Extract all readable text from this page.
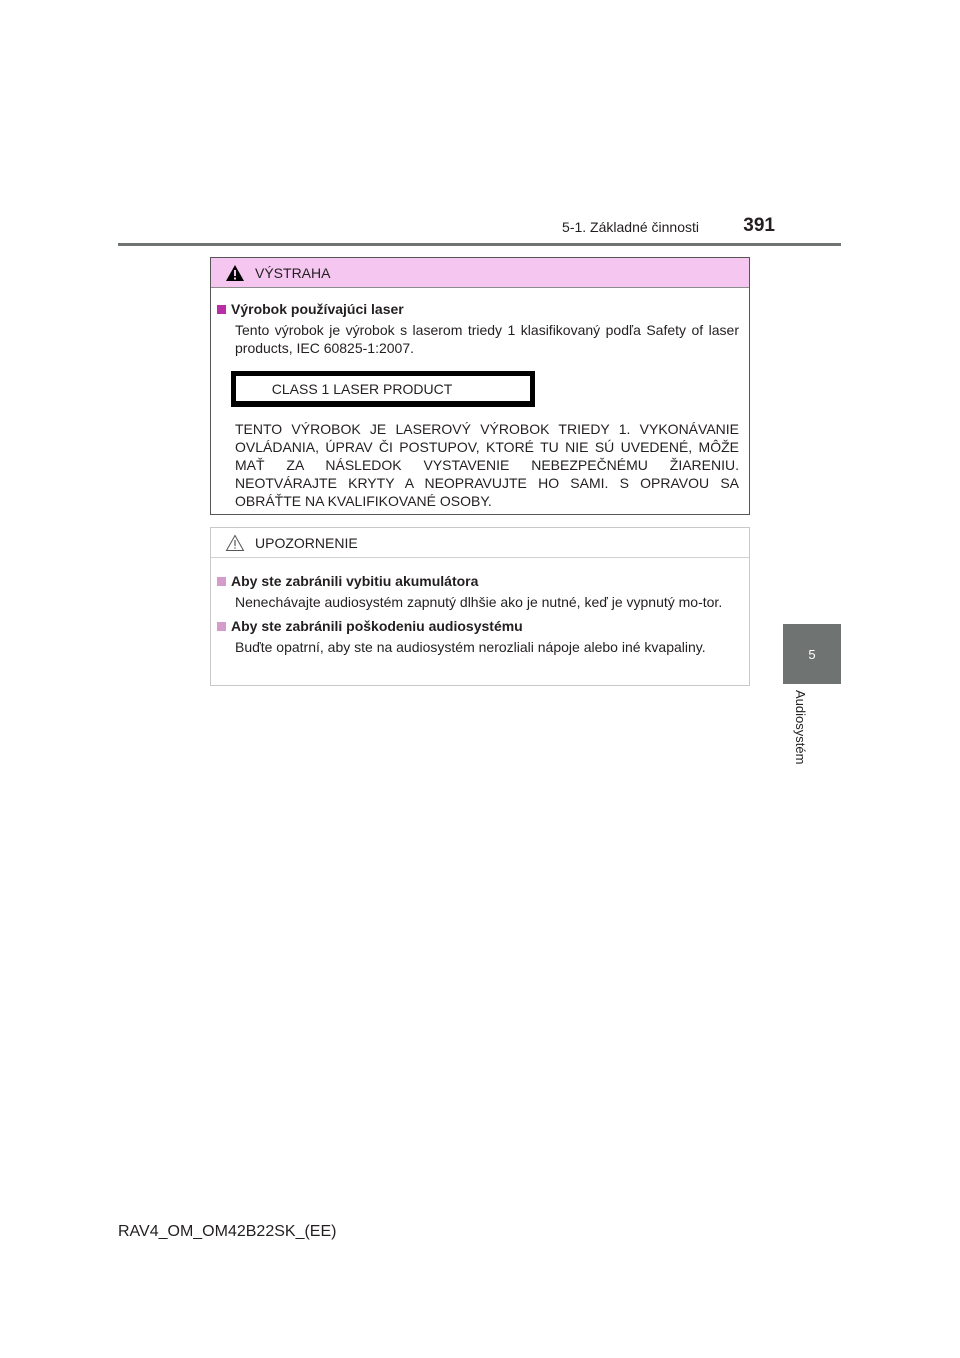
5-1. Základné činnosti	391
5
Audiosystém
VÝSTRAHA
Výrobok používajúci laser
Tento výrobok je výrobok s laserom triedy 1 klasifikovaný podľa Safety of laser products, IEC 60825-1:2007.
CLASS 1 LASER PRODUCT
TENTO VÝROBOK JE LASEROVÝ VÝROBOK TRIEDY 1. VYKONÁVANIE OVLÁDANIA, ÚPRAV ČI POSTUPOV, KTORÉ TU NIE SÚ UVEDENÉ, MÔŽE MAŤ ZA NÁSLEDOK VYSTAVENIE NEBEZPEČNÉMU ŽIARENIU. NEOTVÁRAJTE KRYTY A NEOPRAVUJTE HO SAMI. S OPRAVOU SA OBRÁŤTE NA KVALIFIKOVANÉ OSOBY.
UPOZORNENIE
Aby ste zabránili vybitiu akumulátora
Nenechávajte audiosystém zapnutý dlhšie ako je nutné, keď je vypnutý mo-tor.
Aby ste zabránili poškodeniu audiosystému
Buďte opatrní, aby ste na audiosystém nerozliali nápoje alebo iné kvapaliny.
RAV4_OM_OM42B22SK_(EE)
